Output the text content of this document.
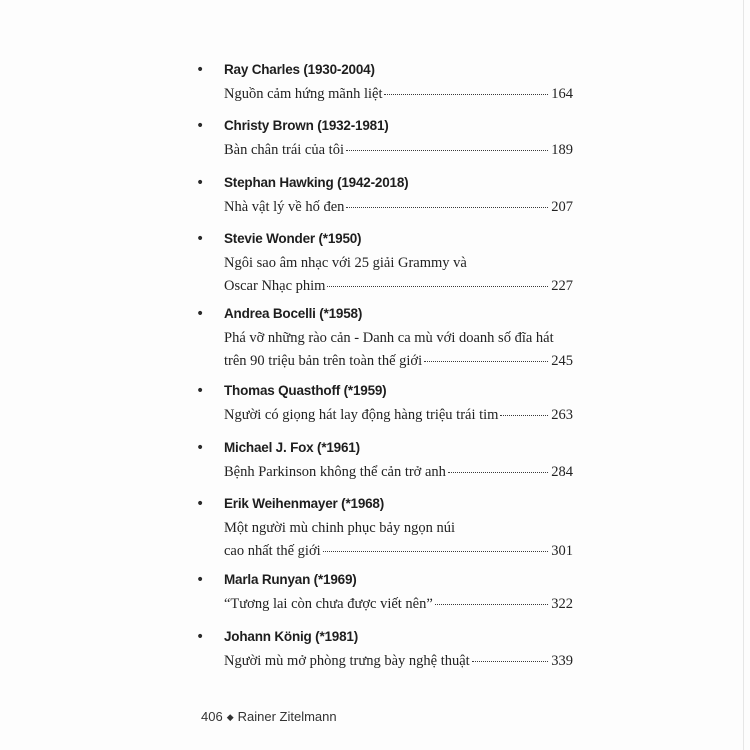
• Ray Charles (1930-2004)
Nguồn cảm hứng mãnh liệt	164
• Christy Brown (1932-1981)
Bàn chân trái của tôi	189
• Stephan Hawking (1942-2018)
Nhà vật lý về hố đen	207
• Stevie Wonder (*1950)
Ngôi sao âm nhạc với 25 giải Grammy và
Oscar Nhạc phim	227
• Andrea Bocelli (*1958)
Phá vỡ những rào cản - Danh ca mù với doanh số đĩa hát
trên 90 triệu bản trên toàn thế giới	245
• Thomas Quasthoff (*1959)
Người có giọng hát lay động hàng triệu trái tim	263
• Michael J. Fox (*1961)
Bệnh Parkinson không thể cản trở anh	284
• Erik Weihenmayer (*1968)
Một người mù chinh phục bảy ngọn núi
cao nhất thế giới	301
• Marla Runyan (*1969)
“Tương lai còn chưa được viết nên”	322
• Johann König (*1981)
Người mù mở phòng trưng bày nghệ thuật	339
406 ◆ Rainer Zitelmann
